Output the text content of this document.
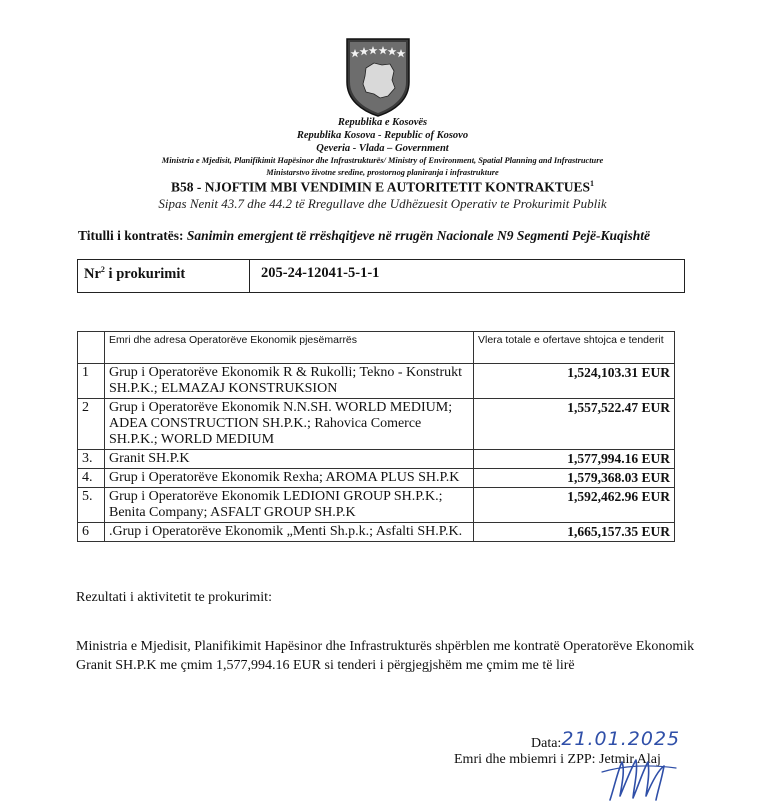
Republika e Kosovës
Republika Kosova - Republic of Kosovo
Qeveria - Vlada – Government
Ministria e Mjedisit, Planifikimit Hapësinor dhe Infrastrukturës/ Ministry of Environment, Spatial Planning and Infrastructure
Ministarstvo životne sredine, prostornog planiranja i infrastrukture
B58 - NJOFTIM MBI VENDIMIN E AUTORITETIT KONTRAKTUES$^1$
Sipas Nenit 43.7 dhe 44.2 të Rregullave dhe Udhëzuesit Operativ te Prokurimit Publik
Titulli i kontratës: Sanimin emergjent të rrëshqitjeve në rrugën Nacionale N9 Segmenti Pejë-Kuqishtë
Nr$^2$ i prokurimit	205-24-12041-5-1-1
	Emri dhe adresa Operatorëve Ekonomik pjesëmarrës	Vlera totale e ofertave shtojca e tenderit
1	Grup i Operatorëve Ekonomik R & Rukolli; Tekno - Konstrukt SH.P.K.; ELMAZAJ KONSTRUKSION	1,524,103.31 EUR
2	Grup i Operatorëve Ekonomik N.N.SH. WORLD MEDIUM; ADEA CONSTRUCTION SH.P.K.; Rahovica Comerce SH.P.K.; WORLD MEDIUM	1,557,522.47 EUR
3.	Granit SH.P.K	1,577,994.16 EUR
4.	Grup i Operatorëve Ekonomik Rexha; AROMA PLUS SH.P.K	1,579,368.03 EUR
5.	Grup i Operatorëve Ekonomik LEDIONI GROUP SH.P.K.; Benita Company; ASFALT GROUP SH.P.K	1,592,462.96 EUR
6	.Grup i Operatorëve Ekonomik „Menti Sh.p.k.; Asfalti SH.P.K.	1,665,157.35 EUR
Rezultati i aktivitetit te prokurimit:
Ministria e Mjedisit, Planifikimit Hapësinor dhe Infrastrukturës shpërblen me kontratë Operatorëve Ekonomik Granit SH.P.K me çmim 1,577,994.16 EUR si tenderi i përgjegjshëm me çmim me të lirë
Data:21.01.2025
Emri dhe mbiemri i ZPP: Jetmir Alaj
